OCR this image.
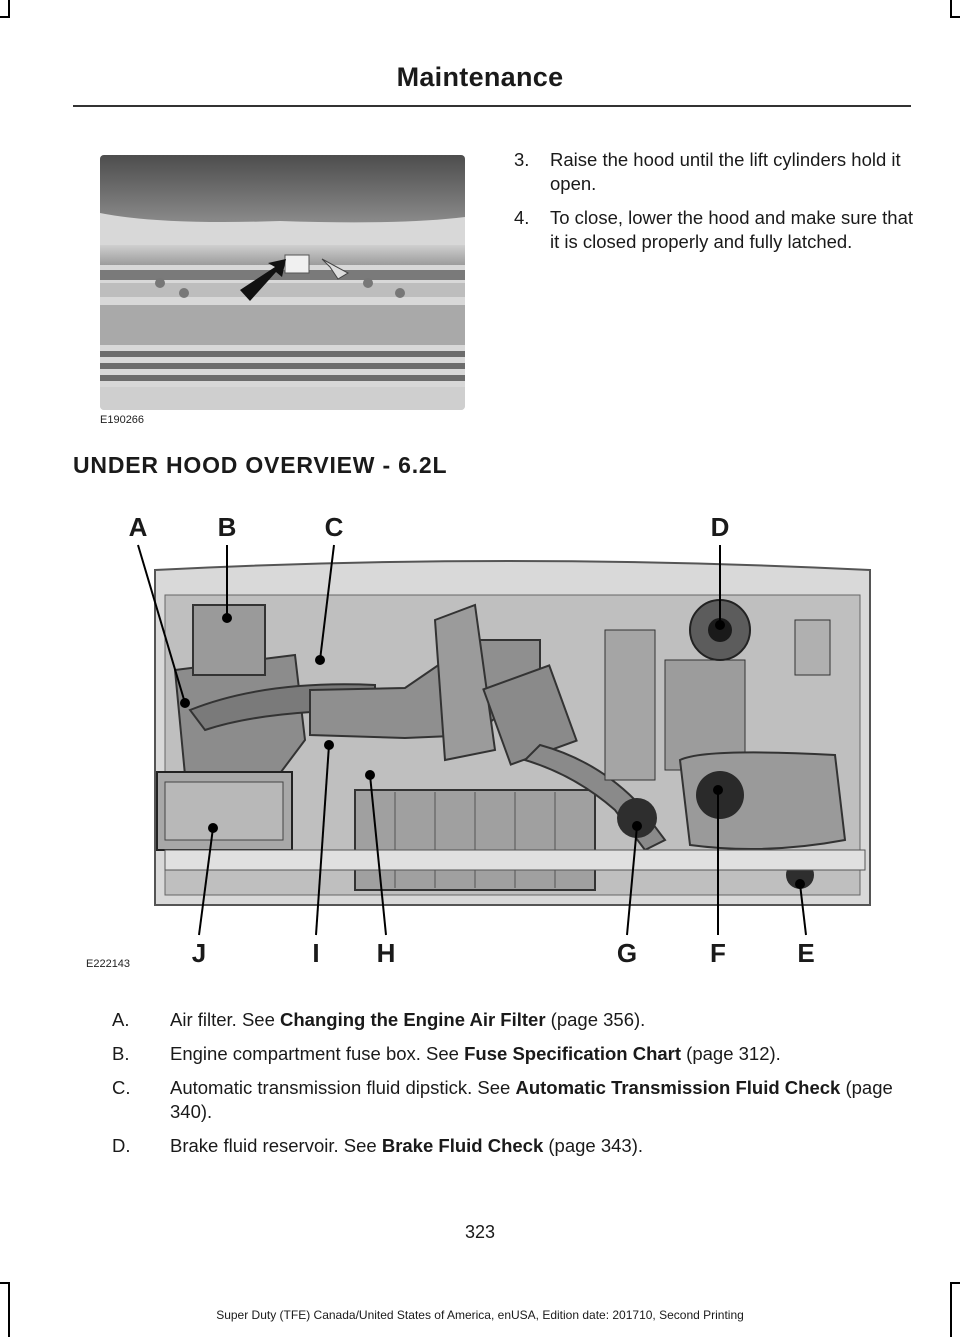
Maintenance
E190266
3. Raise the hood until the lift cylinders hold it open.
4. To close, lower the hood and make sure that it is closed properly and fully latched.
UNDER HOOD OVERVIEW - 6.2L
A	B	C	D
E
F
G
H
I
J
E222143
A. Air filter. See Changing the Engine Air Filter (page 356).
B. Engine compartment fuse box. See Fuse Specification Chart (page 312).
C. Automatic transmission fluid dipstick. See Automatic Transmission Fluid Check (page 340).
D. Brake fluid reservoir. See Brake Fluid Check (page 343).
323
Super Duty (TFE) Canada/United States of America, enUSA, Edition date: 201710, Second Printing
